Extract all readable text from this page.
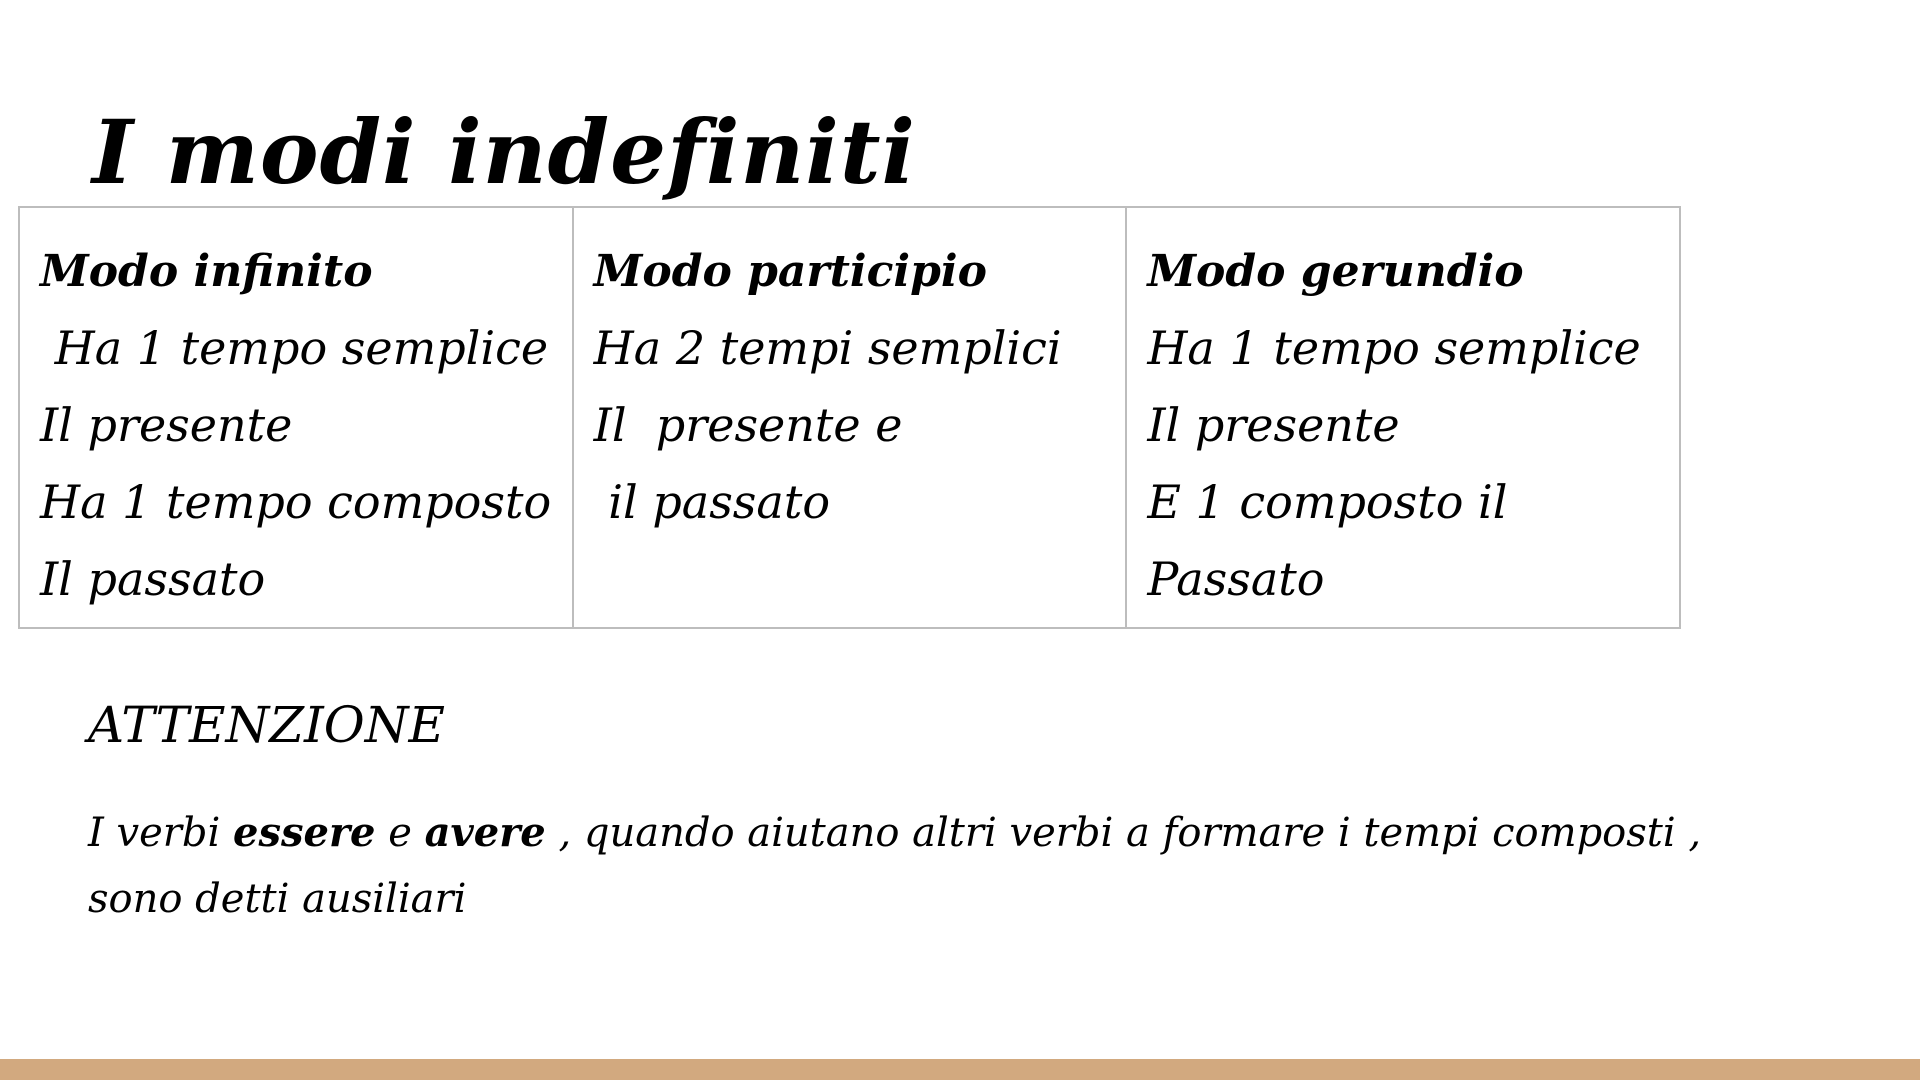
I modi indefiniti
Modo infinito
Ha 1 tempo semplice
Il presente
Ha 1 tempo composto
Il passato

Modo participio
Ha 2 tempi semplici
Il  presente e
il passato

Modo gerundio
Ha 1 tempo semplice
Il presente
E 1 composto il
Passato
ATTENZIONE
I verbi essere e avere , quando aiutano altri verbi a formare i tempi composti , sono detti ausiliari
